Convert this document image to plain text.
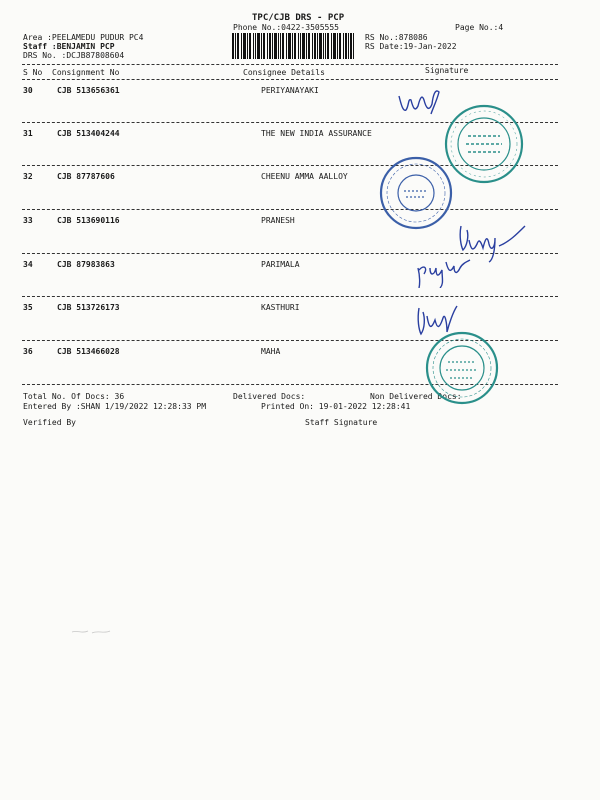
TPC/CJB DRS - PCP
Phone No.:0422-3505555	Page No.:4
Area :PEELAMEDU PUDUR PC4
Staff :BENJAMIN PCP
DRS No. :DCJB87808604
RS No.:878086
RS Date:19-Jan-2022
S No Consignment No	Consignee Details	Signature
30	CJB 513656361	PERIYANAYAKI
31	CJB 513404244	THE NEW INDIA ASSURANCE
32	CJB 87787606	CHEENU AMMA AALLOY
33	CJB 513690116	PRANESH
34	CJB 87983863	PARIMALA
35	CJB 513726173	KASTHURI
36	CJB 513466028	MAHA
Total No. Of Docs: 36	Delivered Docs:	Non Delivered Docs:
Entered By :SHAN 1/19/2022 12:28:33 PM	Printed On: 19-01-2022 12:28:41
Verified By	Staff Signature
